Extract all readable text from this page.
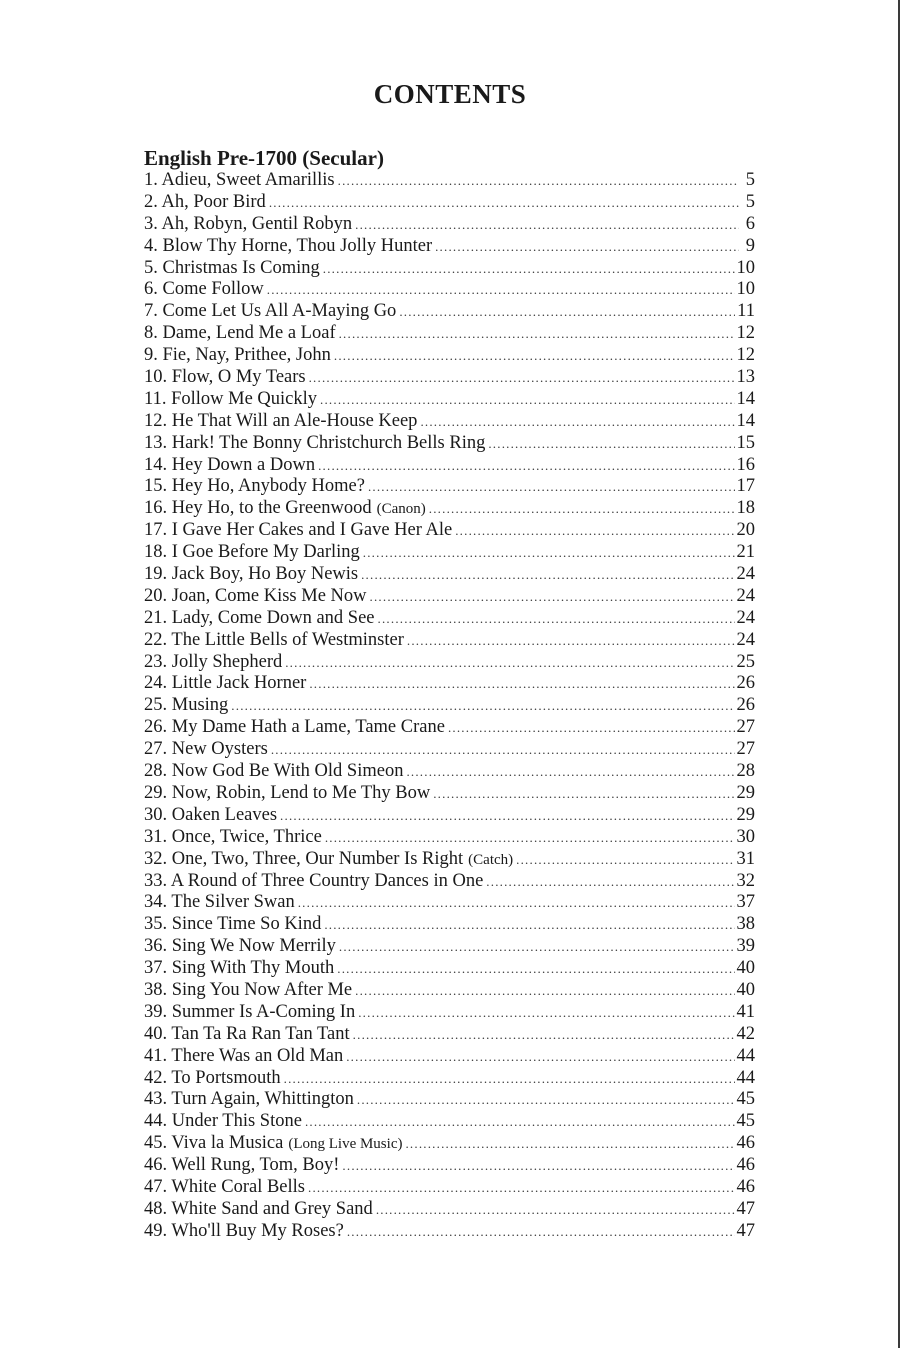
CONTENTS
English Pre-1700 (Secular)
1. Adieu, Sweet Amarillis .....	5
2. Ah, Poor Bird .....	5
3. Ah, Robyn, Gentil Robyn .....	6
4. Blow Thy Horne, Thou Jolly Hunter .....	9
5. Christmas Is Coming .....	10
6. Come Follow .....	10
7. Come Let Us All A-Maying Go .....	11
8. Dame, Lend Me a Loaf .....	12
9. Fie, Nay, Prithee, John .....	12
10. Flow, O My Tears .....	13
11. Follow Me Quickly .....	14
12. He That Will an Ale-House Keep .....	14
13. Hark! The Bonny Christchurch Bells Ring .....	15
14. Hey Down a Down .....	16
15. Hey Ho, Anybody Home? .....	17
16. Hey Ho, to the Greenwood (Canon) .....	18
17. I Gave Her Cakes and I Gave Her Ale .....	20
18. I Goe Before My Darling .....	21
19. Jack Boy, Ho Boy Newis .....	24
20. Joan, Come Kiss Me Now .....	24
21. Lady, Come Down and See .....	24
22. The Little Bells of Westminster .....	24
23. Jolly Shepherd .....	25
24. Little Jack Horner .....	26
25. Musing .....	26
26. My Dame Hath a Lame, Tame Crane .....	27
27. New Oysters .....	27
28. Now God Be With Old Simeon .....	28
29. Now, Robin, Lend to Me Thy Bow .....	29
30. Oaken Leaves .....	29
31. Once, Twice, Thrice .....	30
32. One, Two, Three, Our Number Is Right (Catch) .....	31
33. A Round of Three Country Dances in One .....	32
34. The Silver Swan .....	37
35. Since Time So Kind .....	38
36. Sing We Now Merrily .....	39
37. Sing With Thy Mouth .....	40
38. Sing You Now After Me .....	40
39. Summer Is A-Coming In .....	41
40. Tan Ta Ra Ran Tan Tant .....	42
41. There Was an Old Man .....	44
42. To Portsmouth .....	44
43. Turn Again, Whittington .....	45
44. Under This Stone .....	45
45. Viva la Musica (Long Live Music) .....	46
46. Well Rung, Tom, Boy! .....	46
47. White Coral Bells .....	46
48. White Sand and Grey Sand .....	47
49. Who'll Buy My Roses? .....	47
